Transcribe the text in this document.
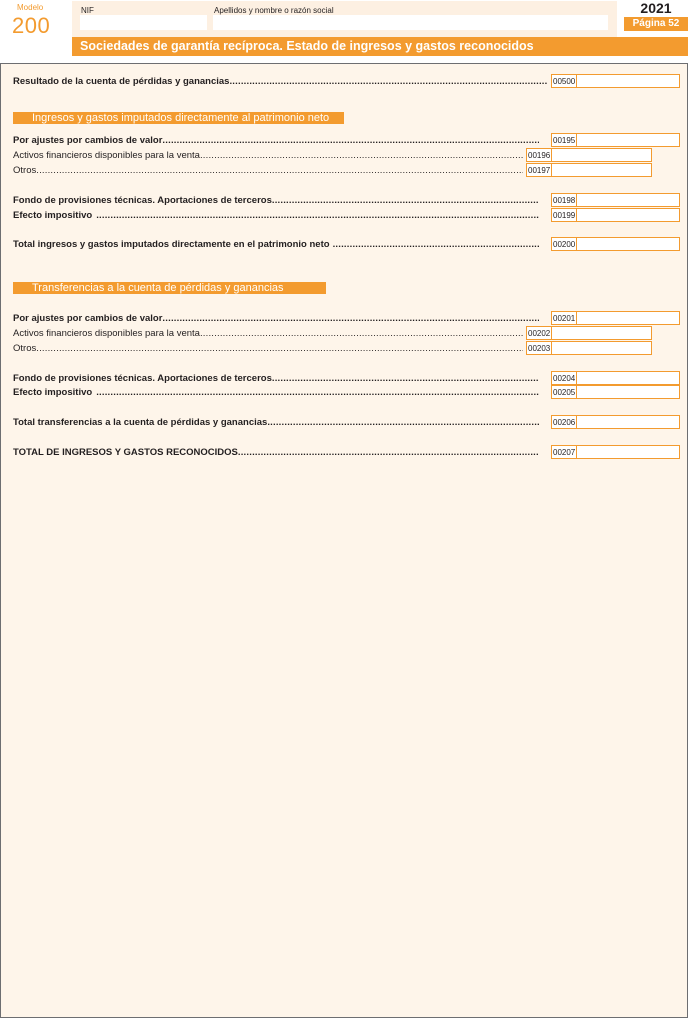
Modelo
200
NIF	Apellidos y nombre o razón social	2021
Página 52
Sociedades de garantía recíproca. Estado de ingresos y gastos reconocidos
Resultado de la cuenta de pérdidas y ganancias .....	00500
Ingresos y gastos imputados directamente al patrimonio neto
Por ajustes por cambios de valor .....	00195
Activos financieros disponibles para la venta .....	00196
Otros .....	00197
Fondo de provisiones técnicas. Aportaciones de terceros .....	00198
Efecto impositivo .....	00199
Total ingresos y gastos imputados directamente en el patrimonio neto .....	00200
Transferencias a la cuenta de pérdidas y ganancias
Por ajustes por cambios de valor .....	00201
Activos financieros disponibles para la venta .....	00202
Otros .....	00203
Fondo de provisiones técnicas. Aportaciones de terceros .....	00204
Efecto impositivo .....	00205
Total transferencias a la cuenta de pérdidas y ganancias .....	00206
TOTAL DE INGRESOS Y GASTOS RECONOCIDOS .....	00207
